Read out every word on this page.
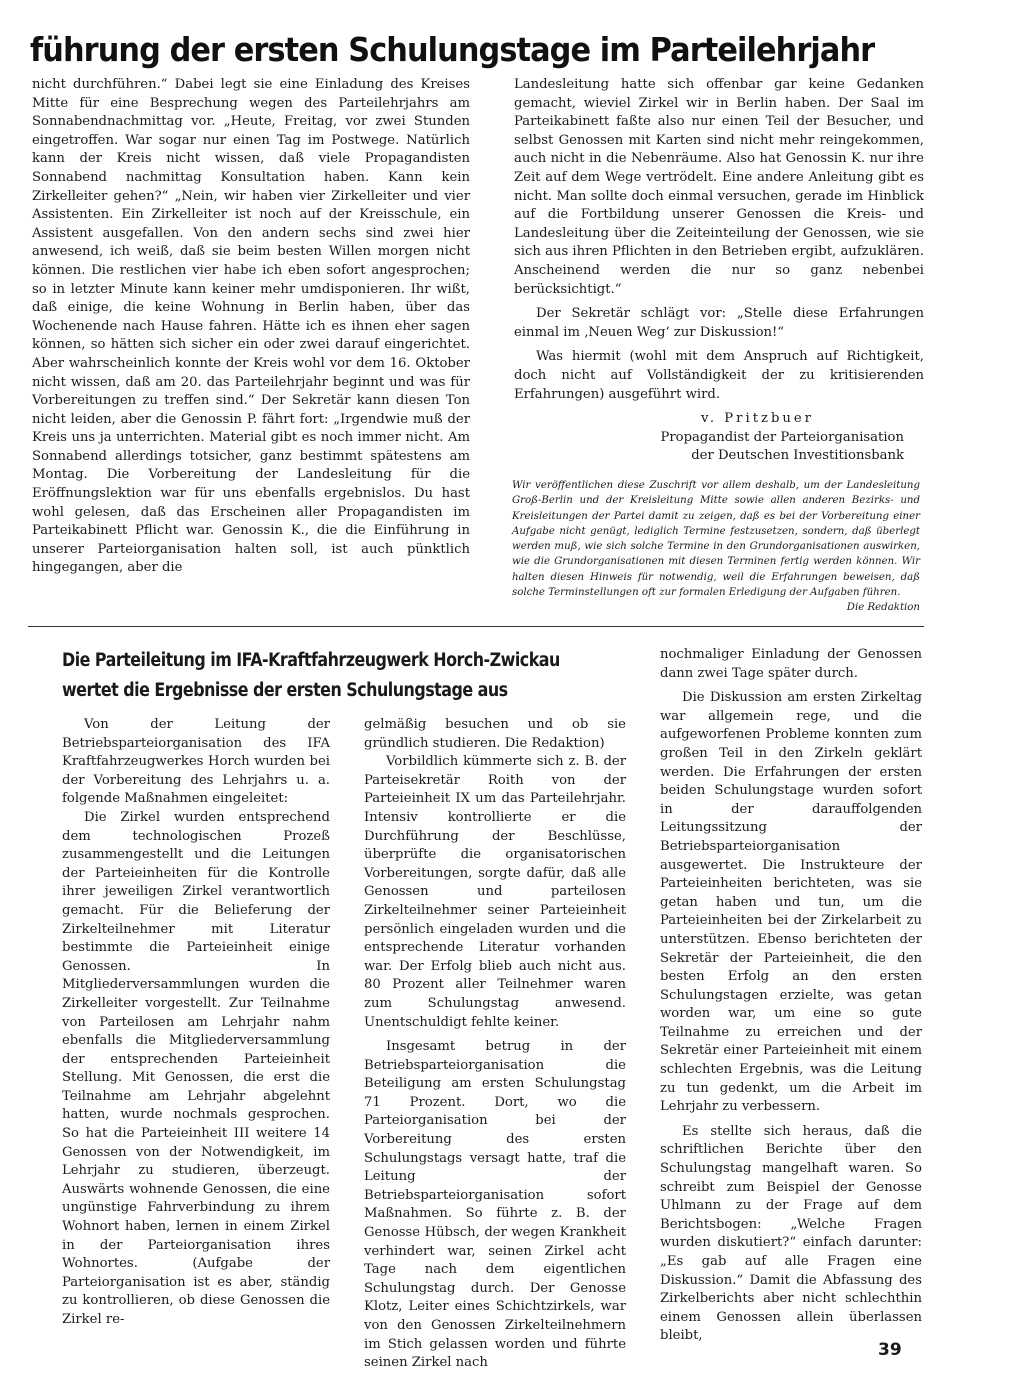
führung der ersten Schulungstage im Parteilehrjahr

nicht durchführen.“ Dabei legt sie eine Einladung des Kreises Mitte für eine Besprechung wegen des Parteilehrjahrs am Sonnabendnachmittag vor. „Heute, Freitag, vor zwei Stunden eingetroffen. War sogar nur einen Tag im Postwege. Natürlich kann der Kreis nicht wissen, daß viele Propagandisten Sonnabend nachmittag Konsultation haben. Kann kein Zirkelleiter gehen?“ „Nein, wir haben vier Zirkelleiter und vier Assistenten. Ein Zirkelleiter ist noch auf der Kreisschule, ein Assistent ausgefallen. Von den andern sechs sind zwei hier anwesend, ich weiß, daß sie beim besten Willen morgen nicht können. Die restlichen vier habe ich eben sofort angesprochen; so in letzter Minute kann keiner mehr umdisponieren. Ihr wißt, daß einige, die keine Wohnung in Berlin haben, über das Wochenende nach Hause fahren. Hätte ich es ihnen eher sagen können, so hätten sich sicher ein oder zwei darauf eingerichtet. Aber wahrscheinlich konnte der Kreis wohl vor dem 16. Oktober nicht wissen, daß am 20. das Parteilehrjahr beginnt und was für Vorbereitungen zu treffen sind.“ Der Sekretär kann diesen Ton nicht leiden, aber die Genossin P. fährt fort: „Irgendwie muß der Kreis uns ja unterrichten. Material gibt es noch immer nicht. Am Sonnabend allerdings totsicher, ganz bestimmt spätestens am Montag. Die Vorbereitung der Landesleitung für die Eröffnungslektion war für uns ebenfalls ergebnislos. Du hast wohl gelesen, daß das Erscheinen aller Propagandisten im Parteikabinett Pflicht war. Genossin K., die die Einführung in unserer Parteiorganisation halten soll, ist auch pünktlich hingegangen, aber die

Landesleitung hatte sich offenbar gar keine Gedanken gemacht, wieviel Zirkel wir in Berlin haben. Der Saal im Parteikabinett faßte also nur einen Teil der Besucher, und selbst Genossen mit Karten sind nicht mehr reingekommen, auch nicht in die Nebenräume. Also hat Genossin K. nur ihre Zeit auf dem Wege vertrödelt. Eine andere Anleitung gibt es nicht. Man sollte doch einmal versuchen, gerade im Hinblick auf die Fortbildung unserer Genossen die Kreis- und Landesleitung über die Zeiteinteilung der Genossen, wie sie sich aus ihren Pflichten in den Betrieben ergibt, aufzuklären. Anscheinend werden die nur so ganz nebenbei berücksichtigt.“

Der Sekretär schlägt vor: „Stelle diese Erfahrungen einmal im ‚Neuen Weg‘ zur Diskussion!“

Was hiermit (wohl mit dem Anspruch auf Richtigkeit, doch nicht auf Vollständigkeit der zu kritisierenden Erfahrungen) ausgeführt wird.

v. Pritzbuer

Propagandist der Parteiorganisation

der Deutschen Investitionsbank

Wir veröffentlichen diese Zuschrift vor allem deshalb, um der Landesleitung Groß-Berlin und der Kreisleitung Mitte sowie allen anderen Bezirks- und Kreisleitungen der Partei damit zu zeigen, daß es bei der Vorbereitung einer Aufgabe nicht genügt, lediglich Termine festzusetzen, sondern, daß überlegt werden muß, wie sich solche Termine in den Grundorganisationen auswirken, wie die Grundorganisationen mit diesen Terminen fertig werden können. Wir halten diesen Hinweis für notwendig, weil die Erfahrungen beweisen, daß solche Terminstellungen oft zur formalen Erledigung der Aufgaben führen.
Die Redaktion

Die Parteileitung im IFA-Kraftfahrzeugwerk Horch-Zwickau
wertet die Ergebnisse der ersten Schulungstage aus

Von der Leitung der Betriebsparteiorganisation des IFA Kraftfahrzeugwerkes Horch wurden bei der Vorbereitung des Lehrjahrs u. a. folgende Maßnahmen eingeleitet:

Die Zirkel wurden entsprechend dem technologischen Prozeß zusammengestellt und die Leitungen der Parteieinheiten für die Kontrolle ihrer jeweiligen Zirkel verantwortlich gemacht. Für die Belieferung der Zirkelteilnehmer mit Literatur bestimmte die Parteieinheit einige Genossen. In Mitgliederversammlungen wurden die Zirkelleiter vorgestellt. Zur Teilnahme von Parteilosen am Lehrjahr nahm ebenfalls die Mitgliederversammlung der entsprechenden Parteieinheit Stellung. Mit Genossen, die erst die Teilnahme am Lehrjahr abgelehnt hatten, wurde nochmals gesprochen. So hat die Parteieinheit III weitere 14 Genossen von der Notwendigkeit, im Lehrjahr zu studieren, überzeugt. Auswärts wohnende Genossen, die eine ungünstige Fahrverbindung zu ihrem Wohnort haben, lernen in einem Zirkel in der Parteiorganisation ihres Wohnortes. (Aufgabe der Parteiorganisation ist es aber, ständig zu kontrollieren, ob diese Genossen die Zirkel re-

gelmäßig besuchen und ob sie gründlich studieren. Die Redaktion)

Vorbildlich kümmerte sich z. B. der Parteisekretär Roith von der Parteieinheit IX um das Parteilehrjahr. Intensiv kontrollierte er die Durchführung der Beschlüsse, überprüfte die organisatorischen Vorbereitungen, sorgte dafür, daß alle Genossen und parteilosen Zirkelteilnehmer seiner Parteieinheit persönlich eingeladen wurden und die entsprechende Literatur vorhanden war. Der Erfolg blieb auch nicht aus. 80 Prozent aller Teilnehmer waren zum Schulungstag anwesend. Unentschuldigt fehlte keiner.

Insgesamt betrug in der Betriebsparteiorganisation die Beteiligung am ersten Schulungstag 71 Prozent. Dort, wo die Parteiorganisation bei der Vorbereitung des ersten Schulungstags versagt hatte, traf die Leitung der Betriebsparteiorganisation sofort Maßnahmen. So führte z. B. der Genosse Hübsch, der wegen Krankheit verhindert war, seinen Zirkel acht Tage nach dem eigentlichen Schulungstag durch. Der Genosse Klotz, Leiter eines Schichtzirkels, war von den Genossen Zirkelteilnehmern im Stich gelassen worden und führte seinen Zirkel nach

nochmaliger Einladung der Genossen dann zwei Tage später durch.

Die Diskussion am ersten Zirkeltag war allgemein rege, und die aufgeworfenen Probleme konnten zum großen Teil in den Zirkeln geklärt werden. Die Erfahrungen der ersten beiden Schulungstage wurden sofort in der darauffolgenden Leitungssitzung der Betriebsparteiorganisation ausgewertet. Die Instrukteure der Parteieinheiten berichteten, was sie getan haben und tun, um die Parteieinheiten bei der Zirkelarbeit zu unterstützen. Ebenso berichteten der Sekretär der Parteieinheit, die den besten Erfolg an den ersten Schulungstagen erzielte, was getan worden war, um eine so gute Teilnahme zu erreichen und der Sekretär einer Parteieinheit mit einem schlechten Ergebnis, was die Leitung zu tun gedenkt, um die Arbeit im Lehrjahr zu verbessern.

Es stellte sich heraus, daß die schriftlichen Berichte über den Schulungstag mangelhaft waren. So schreibt zum Beispiel der Genosse Uhlmann zu der Frage auf dem Berichtsbogen: „Welche Fragen wurden diskutiert?“ einfach darunter: „Es gab auf alle Fragen eine Diskussion.“ Damit die Abfassung des Zirkelberichts aber nicht schlechthin einem Genossen allein überlassen bleibt,

39
